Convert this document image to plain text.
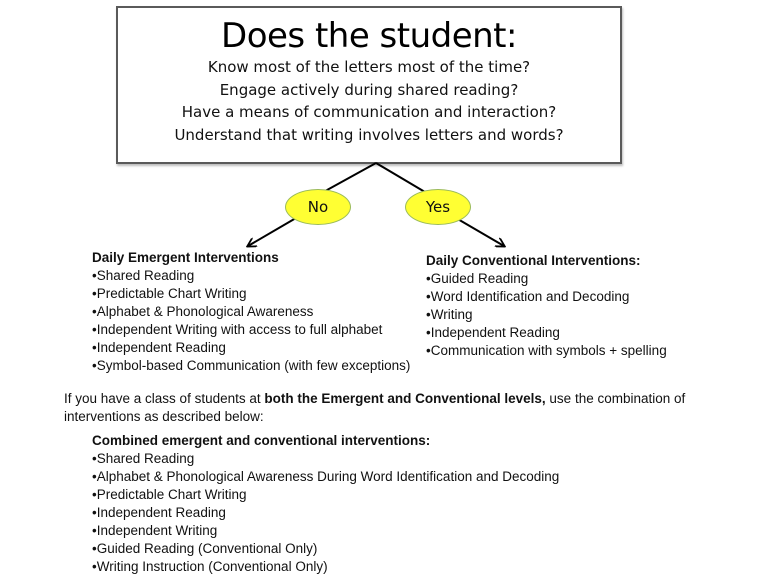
Does the student:
Know most of the letters most of the time?
Engage actively during shared reading?
Have a means of communication and interaction?
Understand that writing involves letters and words?
No	Yes
Daily Emergent Interventions
•Shared Reading
•Predictable Chart Writing
•Alphabet & Phonological Awareness
•Independent Writing with access to full alphabet
•Independent Reading
•Symbol-based Communication (with few exceptions)
Daily Conventional Interventions:
•Guided Reading
•Word Identification and Decoding
•Writing
•Independent Reading
•Communication with symbols + spelling
If you have a class of students at both the Emergent and Conventional levels, use the combination of interventions as described below:
Combined emergent and conventional interventions:
•Shared Reading
•Alphabet & Phonological Awareness During Word Identification and Decoding
•Predictable Chart Writing
•Independent Reading
•Independent Writing
•Guided Reading (Conventional Only)
•Writing Instruction (Conventional Only)
